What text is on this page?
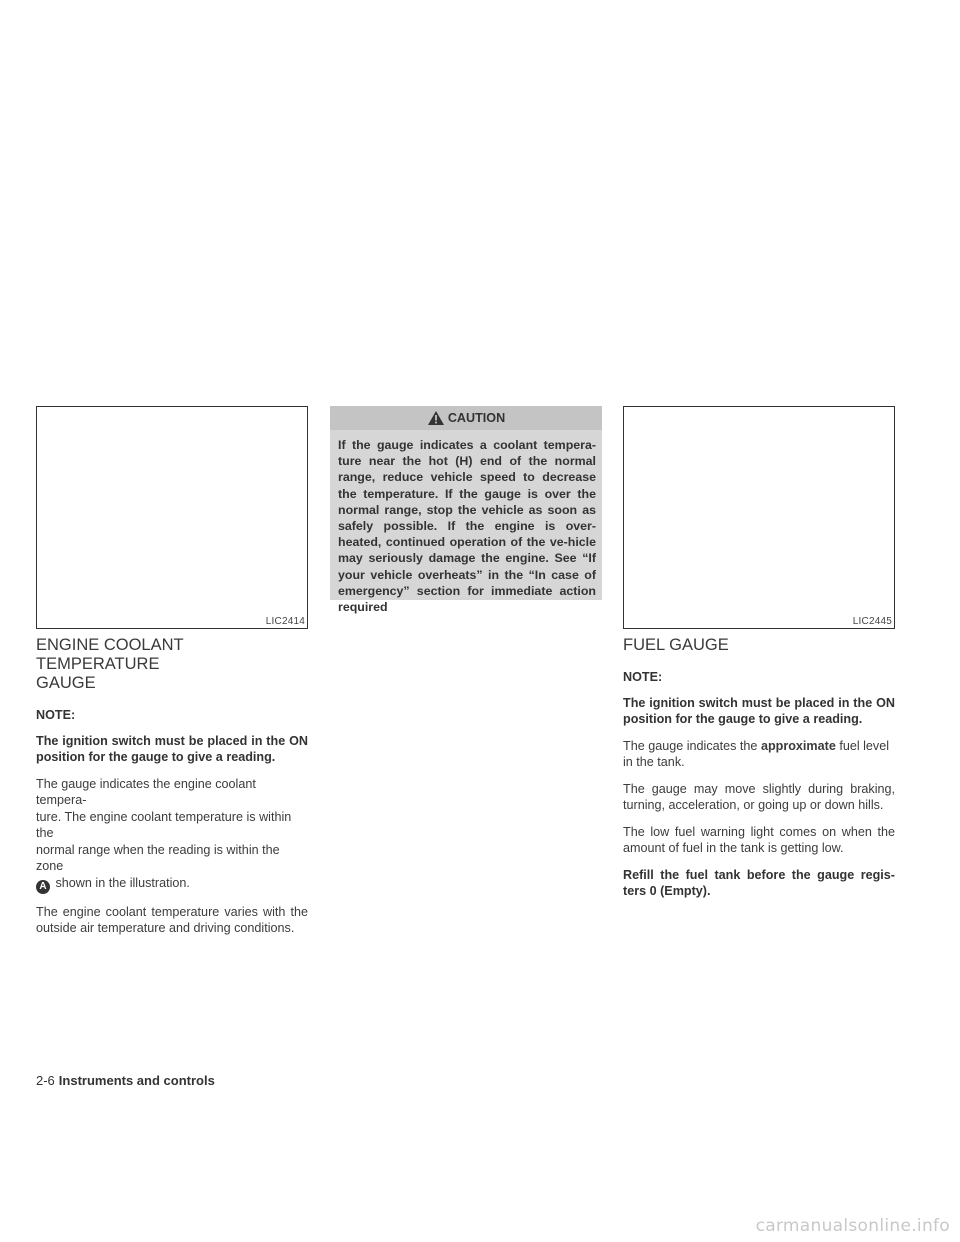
LIC2414
ENGINE COOLANT TEMPERATURE
GAUGE

NOTE:

The ignition switch must be placed in the ON position for the gauge to give a reading.

The gauge indicates the engine coolant tempera-
ture. The engine coolant temperature is within the
normal range when the reading is within the zone
A shown in the illustration.

The engine coolant temperature varies with the outside air temperature and driving conditions.

CAUTION
If the gauge indicates a coolant tempera-ture near the hot (H) end of the normal range, reduce vehicle speed to decrease the temperature. If the gauge is over the normal range, stop the vehicle as soon as safely possible. If the engine is over-heated, continued operation of the ve-hicle may seriously damage the engine. See “If your vehicle overheats” in the “In case of emergency” section for immediate action required
LIC2445
FUEL GAUGE

NOTE:

The ignition switch must be placed in the ON position for the gauge to give a reading.

The gauge indicates the approximate fuel level in the tank.

The gauge may move slightly during braking, turning, acceleration, or going up or down hills.

The low fuel warning light comes on when the amount of fuel in the tank is getting low.

Refill the fuel tank before the gauge regis-ters 0 (Empty).

2-6 Instruments and controls
carmanualsonline.info
